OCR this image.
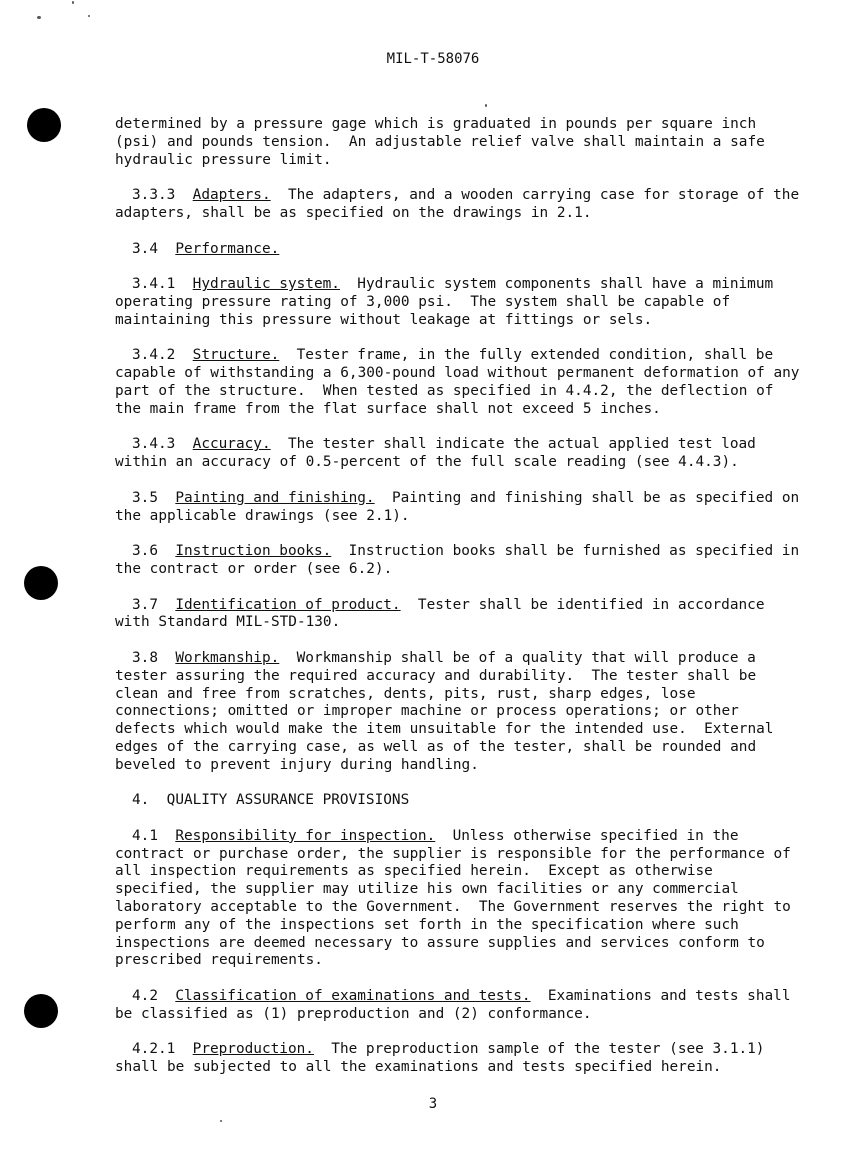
MIL-T-58076
determined by a pressure gage which is graduated in pounds per square inch
(psi) and pounds tension.  An adjustable relief valve shall maintain a safe
hydraulic pressure limit.
3.3.3 Adapters. The adapters, and a wooden carrying case for storage of the
adapters, shall be as specified on the drawings in 2.1.
3.4 Performance.
3.4.1 Hydraulic system. Hydraulic system components shall have a minimum
operating pressure rating of 3,000 psi.  The system shall be capable of
maintaining this pressure without leakage at fittings or sels.
3.4.2 Structure. Tester frame, in the fully extended condition, shall be
capable of withstanding a 6,300-pound load without permanent deformation of any
part of the structure.  When tested as specified in 4.4.2, the deflection of
the main frame from the flat surface shall not exceed 5 inches.
3.4.3 Accuracy. The tester shall indicate the actual applied test load
within an accuracy of 0.5-percent of the full scale reading (see 4.4.3).
3.5 Painting and finishing. Painting and finishing shall be as specified on
the applicable drawings (see 2.1).
3.6 Instruction books. Instruction books shall be furnished as specified in
the contract or order (see 6.2).
3.7 Identification of product. Tester shall be identified in accordance
with Standard MIL-STD-130.
3.8 Workmanship. Workmanship shall be of a quality that will produce a
tester assuring the required accuracy and durability.  The tester shall be
clean and free from scratches, dents, pits, rust, sharp edges, lose
connections; omitted or improper machine or process operations; or other
defects which would make the item unsuitable for the intended use.  External
edges of the carrying case, as well as of the tester, shall be rounded and
beveled to prevent injury during handling.
4. QUALITY ASSURANCE PROVISIONS
4.1 Responsibility for inspection. Unless otherwise specified in the
contract or purchase order, the supplier is responsible for the performance of
all inspection requirements as specified herein.  Except as otherwise
specified, the supplier may utilize his own facilities or any commercial
laboratory acceptable to the Government.  The Government reserves the right to
perform any of the inspections set forth in the specification where such
inspections are deemed necessary to assure supplies and services conform to
prescribed requirements.
4.2 Classification of examinations and tests. Examinations and tests shall
be classified as (1) preproduction and (2) conformance.
4.2.1 Preproduction. The preproduction sample of the tester (see 3.1.1)
shall be subjected to all the examinations and tests specified herein.
3
